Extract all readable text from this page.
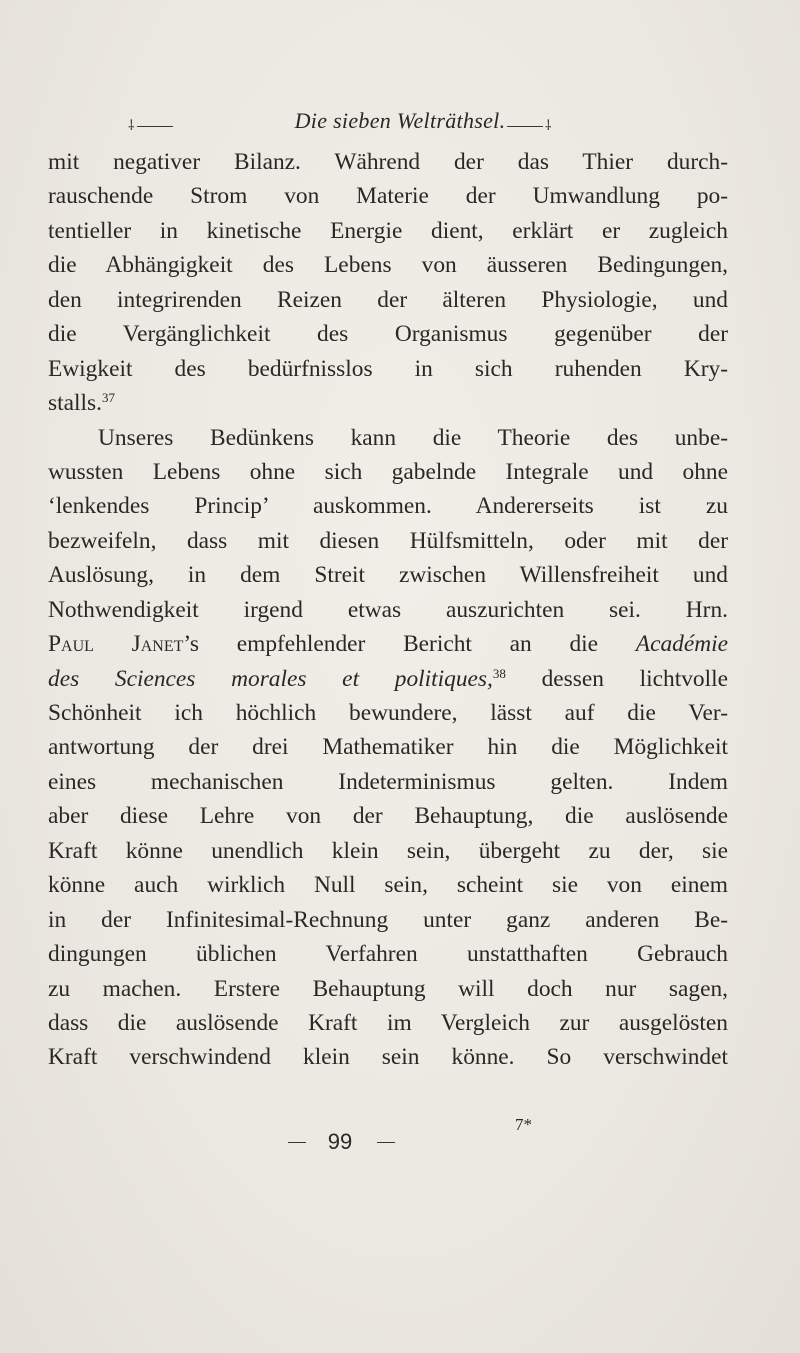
⸸	Die sieben Welträthsel.	⸸
mit negativer Bilanz. Während der das Thier durch-
rauschende Strom von Materie der Umwandlung po-
tentieller in kinetische Energie dient, erklärt er zugleich
die Abhängigkeit des Lebens von äusseren Bedingungen,
den integrirenden Reizen der älteren Physiologie, und
die Vergänglichkeit des Organismus gegenüber der
Ewigkeit des bedürfnisslos in sich ruhenden Kry-
stalls.$^{37}$
Unseres Bedünkens kann die Theorie des unbe-
wussten Lebens ohne sich gabelnde Integrale und ohne
‘lenkendes Princip’ auskommen. Andererseits ist zu
bezweifeln, dass mit diesen Hülfsmitteln, oder mit der
Auslösung, in dem Streit zwischen Willensfreiheit und
Nothwendigkeit irgend etwas auszurichten sei. Hrn.
Paul Janet’s empfehlender Bericht an die Académie
des Sciences morales et politiques,$^{38}$ dessen lichtvolle
Schönheit ich höchlich bewundere, lässt auf die Ver-
antwortung der drei Mathematiker hin die Möglichkeit
eines mechanischen Indeterminismus gelten. Indem
aber diese Lehre von der Behauptung, die auslösende
Kraft könne unendlich klein sein, übergeht zu der, sie
könne auch wirklich Null sein, scheint sie von einem
in der Infinitesimal-Rechnung unter ganz anderen Be-
dingungen üblichen Verfahren unstatthaften Gebrauch
zu machen. Erstere Behauptung will doch nur sagen,
dass die auslösende Kraft im Vergleich zur ausgelösten
Kraft verschwindend klein sein könne. So verschwindet
99
7*
